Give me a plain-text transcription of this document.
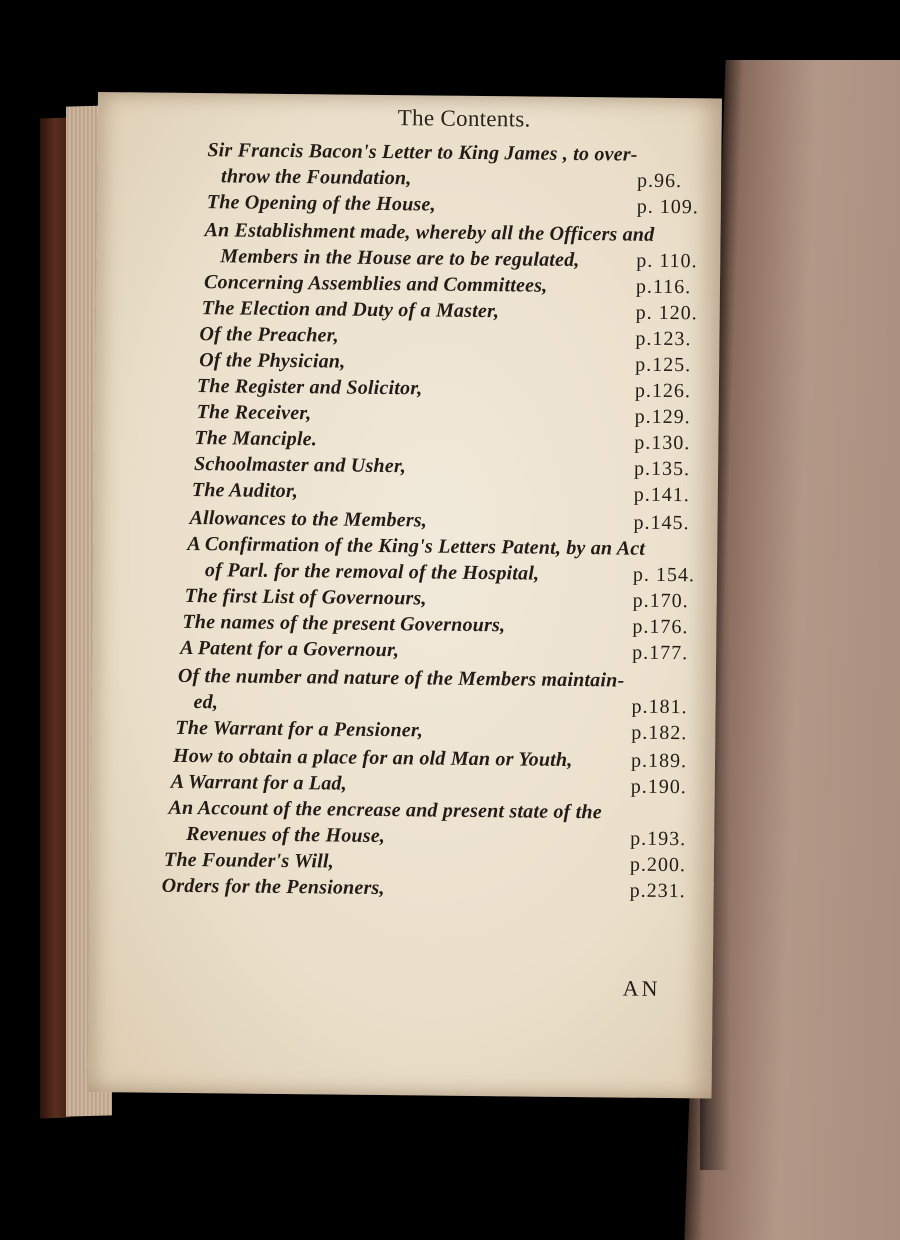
The Contents.
Sir Francis Bacon's Letter to King James , to over-
throw the Foundation,	p.96.
The Opening of the House,	p. 109.
An Establishment made, whereby all the Officers and
Members in the House are to be regulated,	p. 110.
Concerning Assemblies and Committees,	p.116.
The Election and Duty of a Master,	p. 120.
Of the Preacher,	p.123.
Of the Physician,	p.125.
The Register and Solicitor,	p.126.
The Receiver,	p.129.
The Manciple.	p.130.
Schoolmaster and Usher,	p.135.
The Auditor,	p.141.
Allowances to the Members,	p.145.
A Confirmation of the King's Letters Patent, by an Act
of Parl. for the removal of the Hospital,	p. 154.
The first List of Governours,	p.170.
The names of the present Governours,	p.176.
A Patent for a Governour,	p.177.
Of the number and nature of the Members maintain-
ed,	p.181.
The Warrant for a Pensioner,	p.182.
How to obtain a place for an old Man or Youth,	p.189.
A Warrant for a Lad,	p.190.
An Account of the encrease and present state of the
Revenues of the House,	p.193.
The Founder's Will,	p.200.
Orders for the Pensioners,	p.231.
AN
